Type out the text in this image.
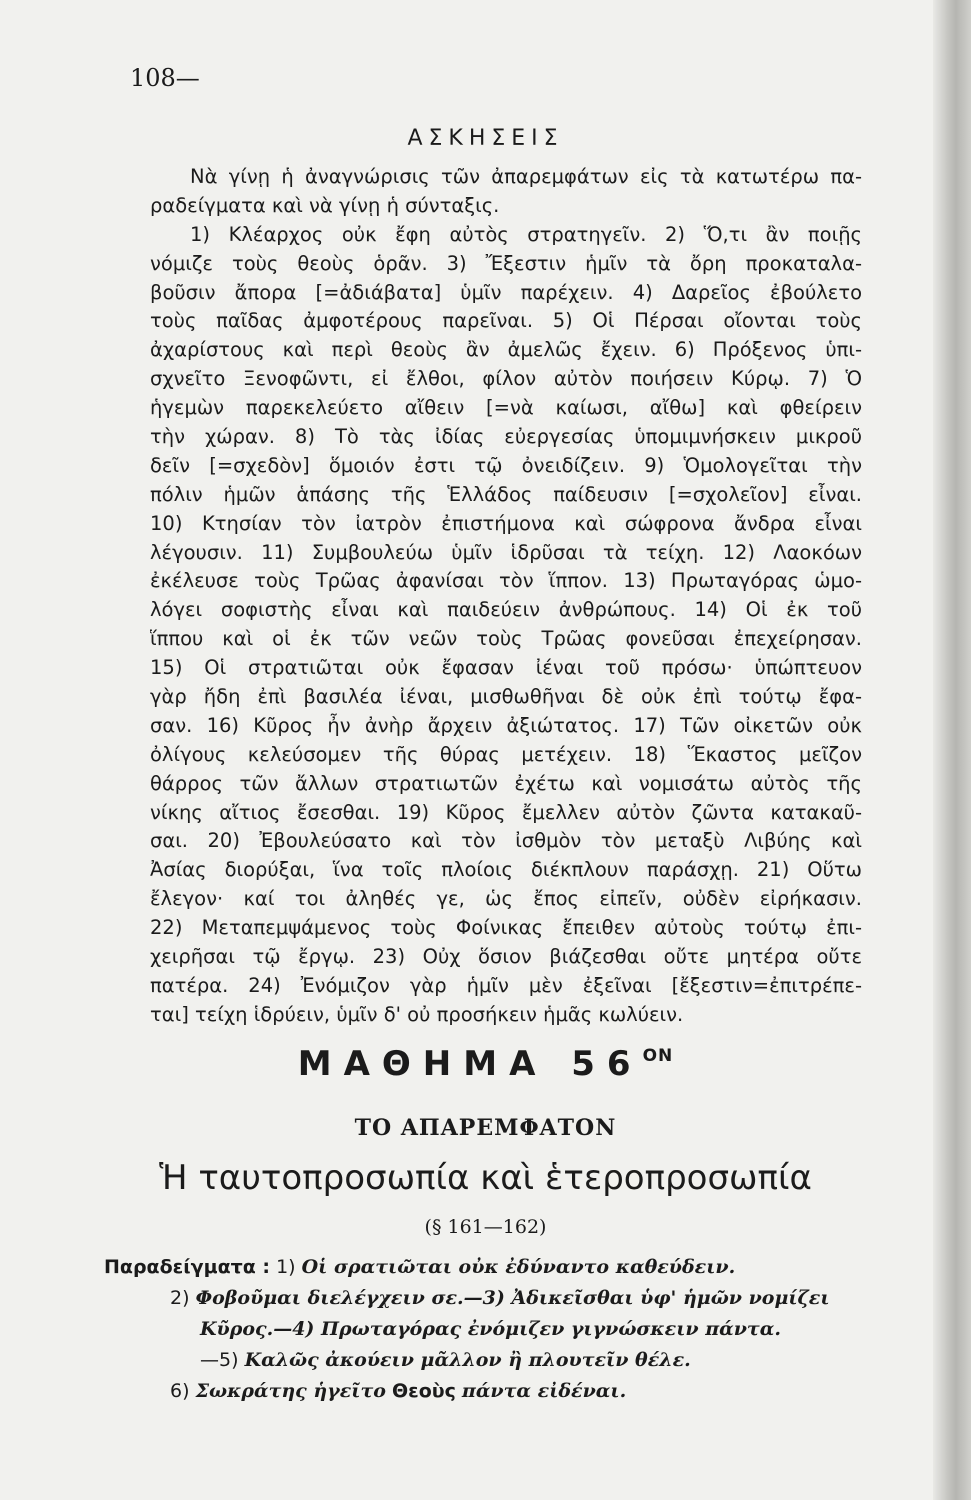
108—
ΑΣΚΗΣΕΙΣ
Νὰ γίνῃ ἡ ἀναγνώρισις τῶν ἀπαρεμφάτων εἰς τὰ κατωτέρω πα-
ραδείγματα καὶ νὰ γίνῃ ἡ σύνταξις.
1) Κλέαρχος οὐκ ἔφη αὐτὸς στρατηγεῖν. 2) Ὅ,τι ἂν ποιῇς
νόμιζε τοὺς θεοὺς ὁρᾶν. 3) Ἔξεστιν ἡμῖν τὰ ὄρη προκαταλα-
βοῦσιν ἄπορα [=ἀδιάβατα] ὑμῖν παρέχειν. 4) Δαρεῖος ἐβούλετο
τοὺς παῖδας ἀμφοτέρους παρεῖναι. 5) Οἱ Πέρσαι οἴονται τοὺς
ἀχαρίστους καὶ περὶ θεοὺς ἂν ἀμελῶς ἔχειν. 6) Πρόξενος ὑπι-
σχνεῖτο Ξενοφῶντι, εἰ ἔλθοι, φίλον αὐτὸν ποιήσειν Κύρῳ. 7) Ὁ
ἡγεμὼν παρεκελεύετο αἴθειν [=νὰ καίωσι, αἴθω] καὶ φθείρειν
τὴν χώραν. 8) Τὸ τὰς ἰδίας εὐεργεσίας ὑπομιμνήσκειν μικροῦ
δεῖν [=σχεδὸν] ὅμοιόν ἐστι τῷ ὀνειδίζειν. 9) Ὁμολογεῖται τὴν
πόλιν ἡμῶν ἁπάσης τῆς Ἑλλάδος παίδευσιν [=σχολεῖον] εἶναι.
10) Κτησίαν τὸν ἰατρὸν ἐπιστήμονα καὶ σώφρονα ἄνδρα εἶναι
λέγουσιν. 11) Συμβουλεύω ὑμῖν ἱδρῦσαι τὰ τείχη. 12) Λαοκόων
ἐκέλευσε τοὺς Τρῶας ἀφανίσαι τὸν ἵππον. 13) Πρωταγόρας ὡμο-
λόγει σοφιστὴς εἶναι καὶ παιδεύειν ἀνθρώπους. 14) Οἱ ἐκ τοῦ
ἵππου καὶ οἱ ἐκ τῶν νεῶν τοὺς Τρῶας φονεῦσαι ἐπεχείρησαν.
15) Οἱ στρατιῶται οὐκ ἔφασαν ἰέναι τοῦ πρόσω· ὑπώπτευον
γὰρ ἤδη ἐπὶ βασιλέα ἰέναι, μισθωθῆναι δὲ οὐκ ἐπὶ τούτῳ ἔφα-
σαν. 16) Κῦρος ἦν ἀνὴρ ἄρχειν ἀξιώτατος. 17) Τῶν οἰκετῶν οὐκ
ὀλίγους κελεύσομεν τῆς θύρας μετέχειν. 18) Ἕκαστος μεῖζον
θάρρος τῶν ἄλλων στρατιωτῶν ἐχέτω καὶ νομισάτω αὐτὸς τῆς
νίκης αἴτιος ἔσεσθαι. 19) Κῦρος ἔμελλεν αὐτὸν ζῶντα κατακαῦ-
σαι. 20) Ἐβουλεύσατο καὶ τὸν ἰσθμὸν τὸν μεταξὺ Λιβύης καὶ
Ἀσίας διορύξαι, ἵνα τοῖς πλοίοις διέκπλουν παράσχῃ. 21) Οὕτω
ἔλεγον· καί τοι ἀληθές γε, ὡς ἔπος εἰπεῖν, οὐδὲν εἰρήκασιν.
22) Μεταπεμψάμενος τοὺς Φοίνικας ἔπειθεν αὐτοὺς τούτῳ ἐπι-
χειρῆσαι τῷ ἔργῳ. 23) Οὐχ ὅσιον βιάζεσθαι οὔτε μητέρα οὔτε
πατέρα. 24) Ἐνόμιζον γὰρ ἡμῖν μὲν ἐξεῖναι [ἔξεστιν=ἐπιτρέπε-
ται] τείχη ἱδρύειν, ὑμῖν δ' οὐ προσήκειν ἡμᾶς κωλύειν.
ΜΑΘΗΜΑ $56^{ON}$
ΤΟ ΑΠΑΡΕΜΦΑΤΟΝ
Ἡ ταυτοπροσωπία καὶ ἑτεροπροσωπία
(§ 161—162)
Παραδείγματα : 1) Οἱ σρατιῶται οὐκ ἐδύναντο καθεύδειν.
2) Φοβοῦμαι διελέγχειν σε.—3) Ἀδικεῖσθαι ὑφ' ἡμῶν νομίζει
Κῦρος.—4) Πρωταγόρας ἐνόμιζεν γιγνώσκειν πάντα.
—5) Καλῶς ἀκούειν μᾶλλον ἢ πλουτεῖν θέλε.
6) Σωκράτης ἡγεῖτο Θεοὺς πάντα εἰδέναι.
